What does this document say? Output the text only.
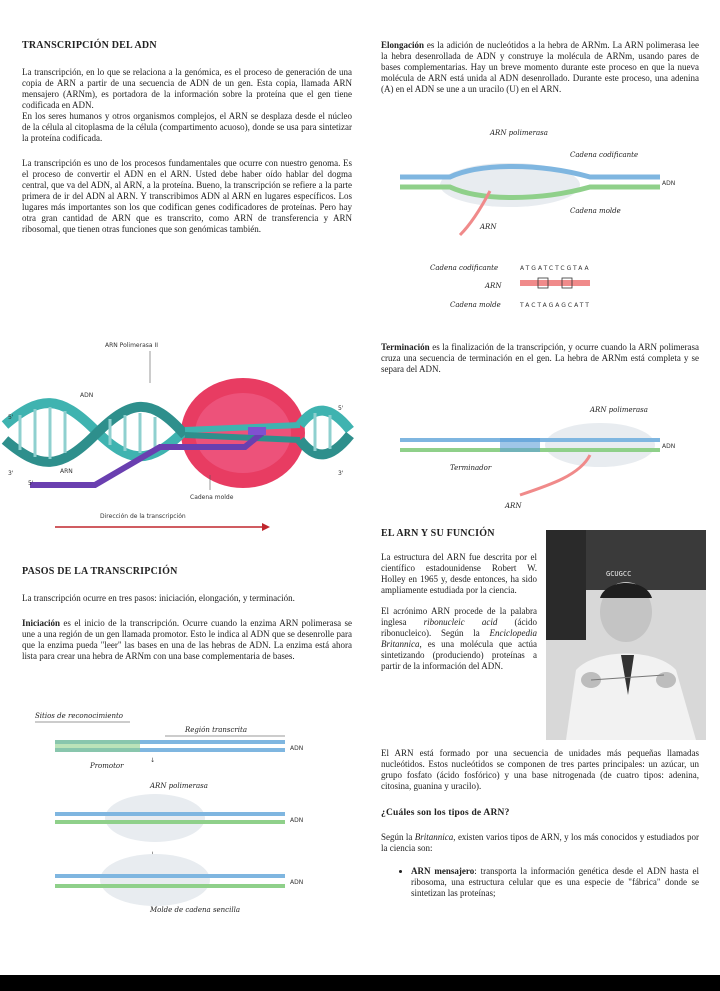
TRANSCRIPCIÓN DEL ADN

La transcripción, en lo que se relaciona a la genómica, es el proceso de generación de una copia de ARN a partir de una secuencia de ADN de un gen. Esta copia, llamada ARN mensajero (ARNm), es portadora de la información sobre la proteína que el gen tiene codificada en ADN.

En los seres humanos y otros organismos complejos, el ARN se desplaza desde el núcleo de la célula al citoplasma de la célula (compartimento acuoso), donde se usa para sintetizar la proteína codificada.

La transcripción es uno de los procesos fundamentales que ocurre con nuestro genoma. Es el proceso de convertir el ADN en el ARN. Usted debe haber oído hablar del dogma central, que va del ADN, al ARN, a la proteína. Bueno, la transcripción se refiere a la parte primera de ir del ADN al ARN. Y transcribimos ADN al ARN en lugares específicos. Los lugares más importantes son los que codifican genes codificadores de proteínas. Pero hay otra gran cantidad de ARN que es transcrito, como ARN de transferencia y ARN ribosomal, que tienen otras funciones que son genómicas también.

ARN Polimerasa II
ADN
5'
5'
3'	3'
ARN
5'
Cadena molde
Dirección de la transcripción
PASOS DE LA TRANSCRIPCIÓN

La transcripción ocurre en tres pasos: iniciación, elongación, y terminación.

Iniciación es el inicio de la transcripción. Ocurre cuando la enzima ARN polimerasa se une a una región de un gen llamada promotor. Esto le indica al ADN que se desenrolle para que la enzima pueda "leer" las bases en una de las hebras de ADN. La enzima está ahora lista para crear una hebra de ARNm con una base complementaria de bases.

Sitios de reconocimiento
Región transcrita
ADN
Promotor
↓
ARN polimerasa
ADN
ADN
Molde de cadena sencilla

Elongación es la adición de nucleótidos a la hebra de ARNm. La ARN polimerasa lee la hebra desenrollada de ADN y construye la molécula de ARNm, usando pares de bases complementarias. Hay un breve momento durante este proceso en que la nueva molécula de ARN está unida al ADN desenrollado. Durante este proceso, una adenina (A) en el ADN se une a un uracilo (U) en el ARN.

ARN polimerasa
Cadena codificante
ADN
Cadena molde
ARN
Cadena codificante	ATGATCTCGTAA
ARN
Cadena molde	TACTAGAGCATT

Terminación es la finalización de la transcripción, y ocurre cuando la ARN polimerasa cruza una secuencia de terminación en el gen. La hebra de ARNm está completa y se separa del ADN.

ARN polimerasa
ADN
Terminador
ARN
EL ARN Y SU FUNCIÓN

La estructura del ARN fue descrita por el científico estadounidense Robert W. Holley en 1965 y, desde entonces, ha sido ampliamente estudiada por la ciencia.

El acrónimo ARN procede de la palabra inglesa ribonucleic acid (ácido ribonucleico). Según la Enciclopedia Britannica, es una molécula que actúa sintetizando (produciendo) proteínas a partir de la información del ADN.

GCUGCC

El ARN está formado por una secuencia de unidades más pequeñas llamadas nucleótidos. Estos nucleótidos se componen de tres partes principales: un azúcar, un grupo fosfato (ácido fosfórico) y una base nitrogenada (de cuatro tipos: adenina, citosina, guanina y uracilo).

¿Cuáles son los tipos de ARN?

Según la Britannica, existen varios tipos de ARN, y los más conocidos y estudiados por la ciencia son:

• ARN mensajero: transporta la información genética desde el ADN hasta el ribosoma, una estructura celular que es una especie de "fábrica" donde se sintetizan las proteínas;
